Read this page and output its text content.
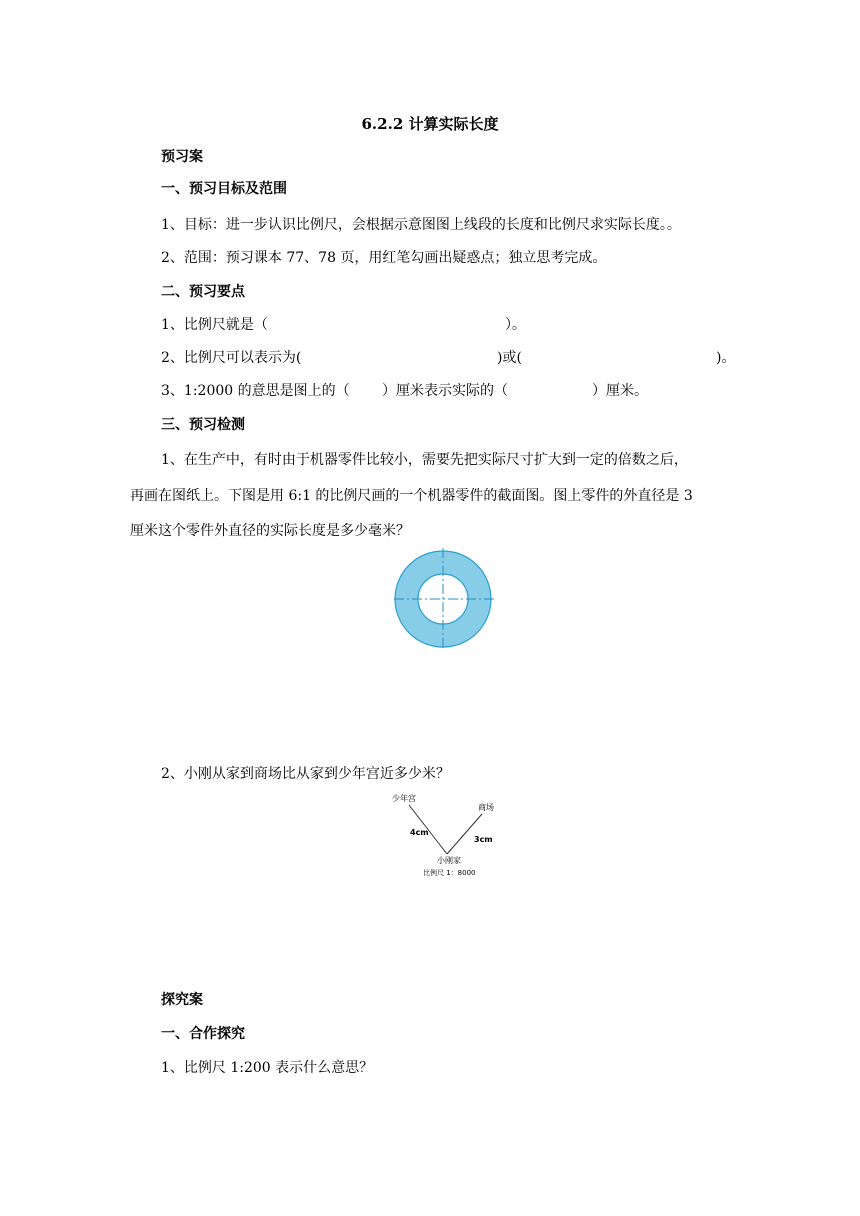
6.2.2 计算实际长度
预习案
一、预习目标及范围
1、目标：进一步认识比例尺，会根据示意图图上线段的长度和比例尺求实际长度。。
2、范围：预习课本 77、78 页，用红笔勾画出疑惑点；独立思考完成。
二、预习要点
1、比例尺就是（	）。
2、比例尺可以表示为(	)或(	)。
3、1:2000 的意思是图上的（ ）厘米表示实际的（	）厘米。
三、预习检测
1、在生产中，有时由于机器零件比较小，需要先把实际尺寸扩大到一定的倍数之后，
再画在图纸上。下图是用 6:1 的比例尺画的一个机器零件的截面图。图上零件的外直径是 3
厘米这个零件外直径的实际长度是多少毫米？
2、小刚从家到商场比从家到少年宫近多少米？
少年宫
商场
4cm
3cm
小刚家
比例尺 1：8000
探究案
一、合作探究
1、比例尺 1:200 表示什么意思？
